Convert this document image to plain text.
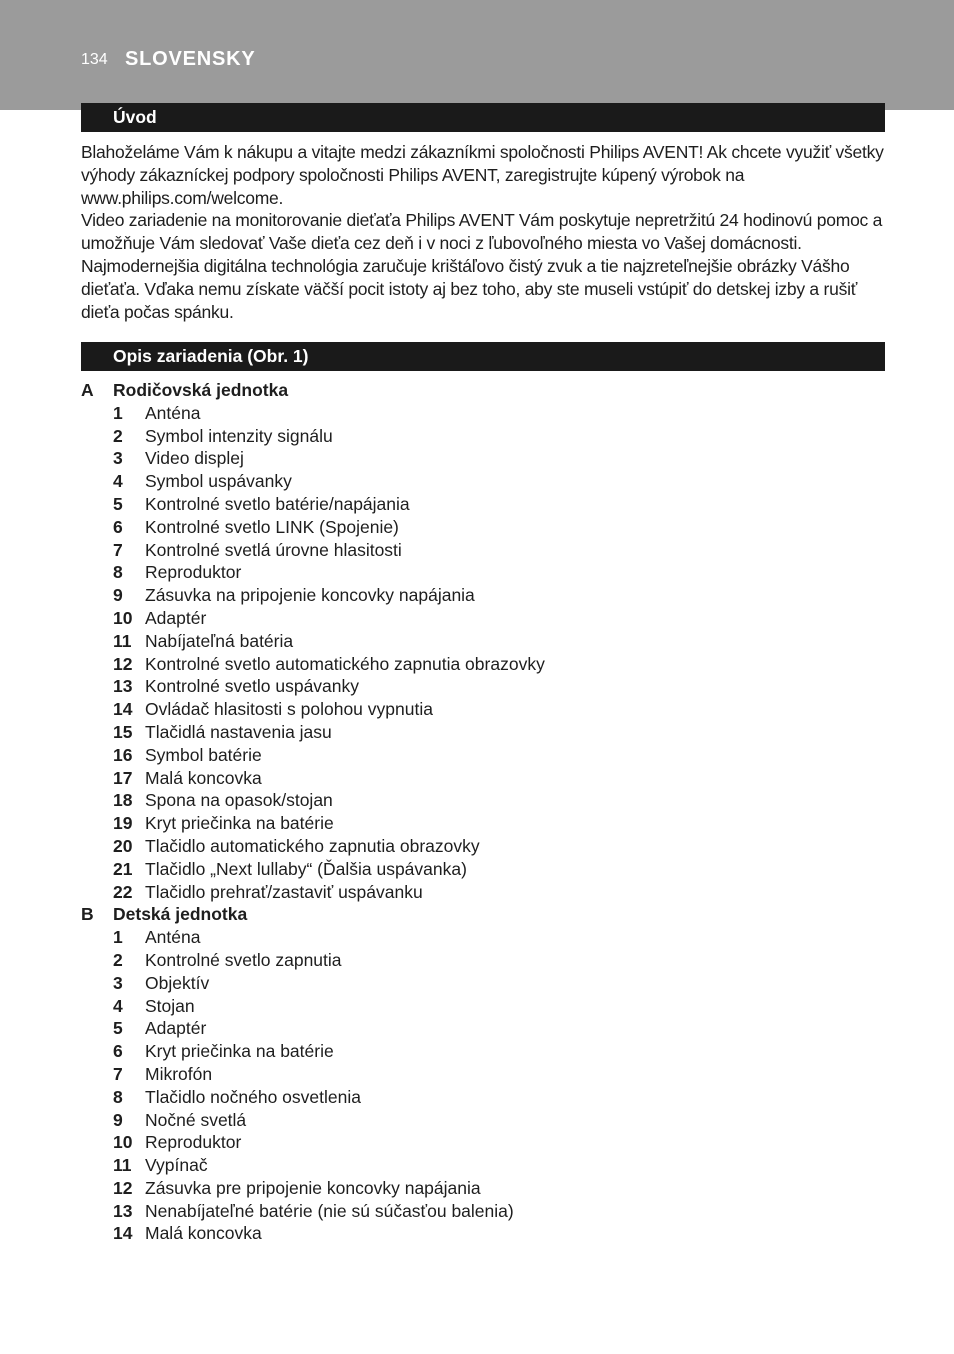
134 SLOVENSKY
Úvod

Blahoželáme Vám k nákupu a vitajte medzi zákazníkmi spoločnosti Philips AVENT! Ak chcete využiť všetky výhody zákazníckej podpory spoločnosti Philips AVENT, zaregistrujte kúpený výrobok na www.philips.com/welcome.

Video zariadenie na monitorovanie dieťaťa Philips AVENT Vám poskytuje nepretržitú 24 hodinovú pomoc a umožňuje Vám sledovať Vaše dieťa cez deň i v noci z ľubovoľného miesta vo Vašej domácnosti. Najmodernejšia digitálna technológia zaručuje krištáľovo čistý zvuk a tie najzreteľnejšie obrázky Vášho dieťaťa. Vďaka nemu získate väčší pocit istoty aj bez toho, aby ste museli vstúpiť do detskej izby a rušiť dieťa počas spánku.

Opis zariadenia (Obr. 1)
A	Rodičovská jednotka
1	Anténa
2	Symbol intenzity signálu
3	Video displej
4	Symbol uspávanky
5	Kontrolné svetlo batérie/napájania
6	Kontrolné svetlo LINK (Spojenie)
7	Kontrolné svetlá úrovne hlasitosti
8	Reproduktor
9	Zásuvka na pripojenie koncovky napájania
10 Adaptér
11 Nabíjateľná batéria
12 Kontrolné svetlo automatického zapnutia obrazovky
13 Kontrolné svetlo uspávanky
14 Ovládač hlasitosti s polohou vypnutia
15 Tlačidlá nastavenia jasu
16 Symbol batérie
17 Malá koncovka
18 Spona na opasok/stojan
19 Kryt priečinka na batérie
20 Tlačidlo automatického zapnutia obrazovky
21 Tlačidlo „Next lullaby“ (Ďalšia uspávanka)
22 Tlačidlo prehrať/zastaviť uspávanku
B	Detská jednotka
1	Anténa
2	Kontrolné svetlo zapnutia
3	Objektív
4	Stojan
5	Adaptér
6	Kryt priečinka na batérie
7	Mikrofón
8	Tlačidlo nočného osvetlenia
9	Nočné svetlá
10 Reproduktor
11 Vypínač
12 Zásuvka pre pripojenie koncovky napájania
13 Nenabíjateľné batérie (nie sú súčasťou balenia)
14 Malá koncovka
